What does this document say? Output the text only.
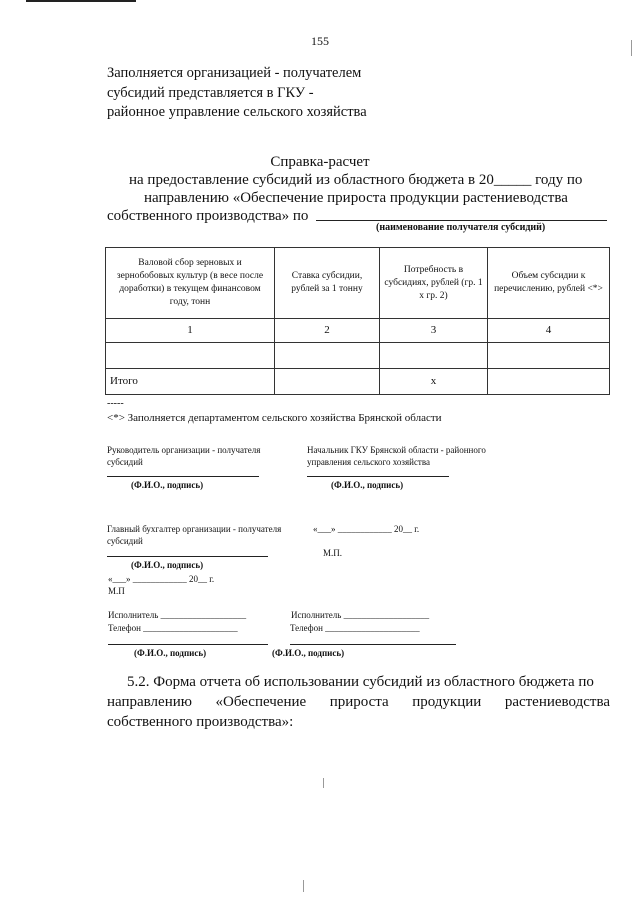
155
Заполняется организацией - получателем субсидий представляется в ГКУ - районное управление сельского хозяйства
Справка-расчет
на предоставление субсидий из областного бюджета в 20_____ году по
направлению «Обеспечение прироста продукции растениеводства
собственного производства» по
(наименование получателя субсидий)
Валовой сбор зерновых и зернобобовых культур (в весе после доработки) в текущем финансовом году, тонн	Ставка субсидии, рублей за 1 тонну	Потребность в субсидиях, рублей (гр. 1 х гр. 2)	Объем субсидии к перечислению, рублей <*>
1	2	3	4

Итого		х	
-----
<*> Заполняется департаментом сельского хозяйства Брянской области
Руководитель организации - получателя субсидий
(Ф.И.О., подпись)
Начальник ГКУ Брянской области - районного управления сельского хозяйства
(Ф.И.О., подпись)
Главный бухгалтер организации - получателя субсидий
(Ф.И.О., подпись)
«___» ____________ 20__ г.
М.П.
«___» ____________ 20__ г.
М.П
Исполнитель ___________________
Телефон _____________________
(Ф.И.О., подпись)
Исполнитель ___________________
Телефон _____________________
(Ф.И.О., подпись)
5.2. Форма отчета об использовании субсидий из областного бюджета по
направлению «Обеспечение прироста продукции растениеводства
собственного производства»:
